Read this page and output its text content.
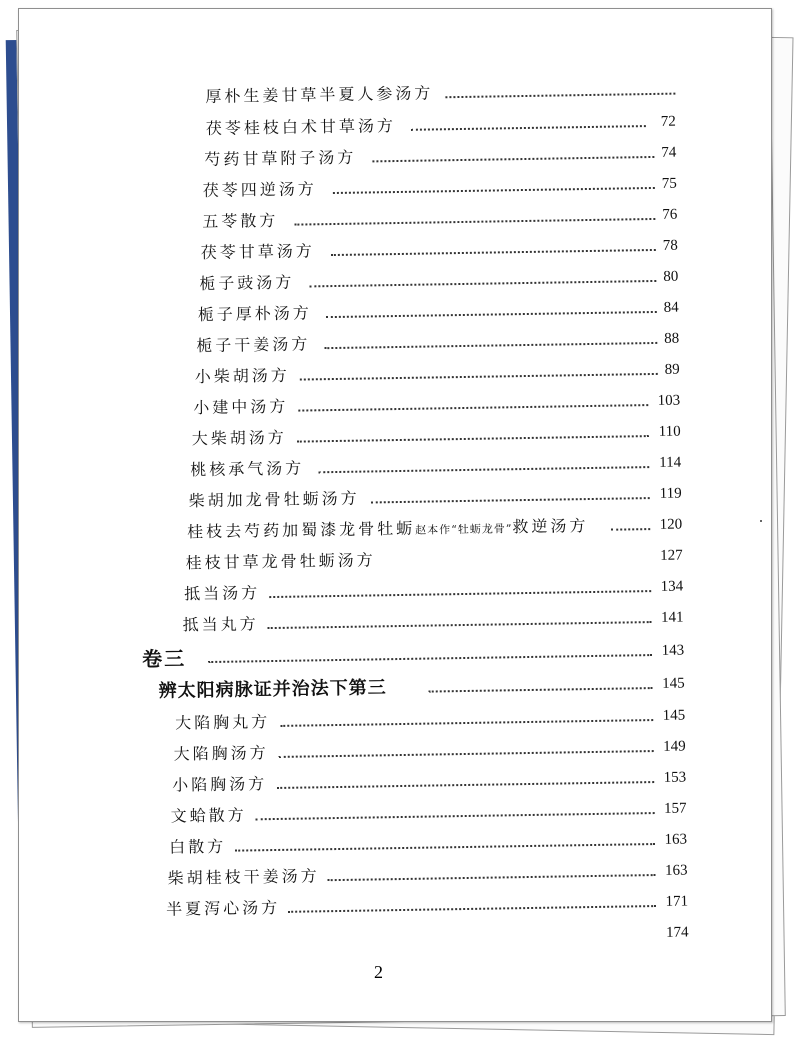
厚朴生姜甘草半夏人参汤方
茯苓桂枝白术甘草汤方	72
芍药甘草附子汤方	74
茯苓四逆汤方	75
五苓散方	76
茯苓甘草汤方	78
栀子豉汤方	80
栀子厚朴汤方	84
栀子干姜汤方	88
小柴胡汤方	89
小建中汤方	103
大柴胡汤方	110
桃核承气汤方	114
柴胡加龙骨牡蛎汤方	119
桂枝去芍药加蜀漆龙骨牡蛎赵本作“牡蛎龙骨”救逆汤方	120
桂枝甘草龙骨牡蛎汤方	127
抵当汤方	134
抵当丸方	141
卷三	143
辨太阳病脉证并治法下第三	145
大陷胸丸方	145
大陷胸汤方	149
小陷胸汤方	153
文蛤散方	157
白散方	163
柴胡桂枝干姜汤方	163
半夏泻心汤方	171
174
2
